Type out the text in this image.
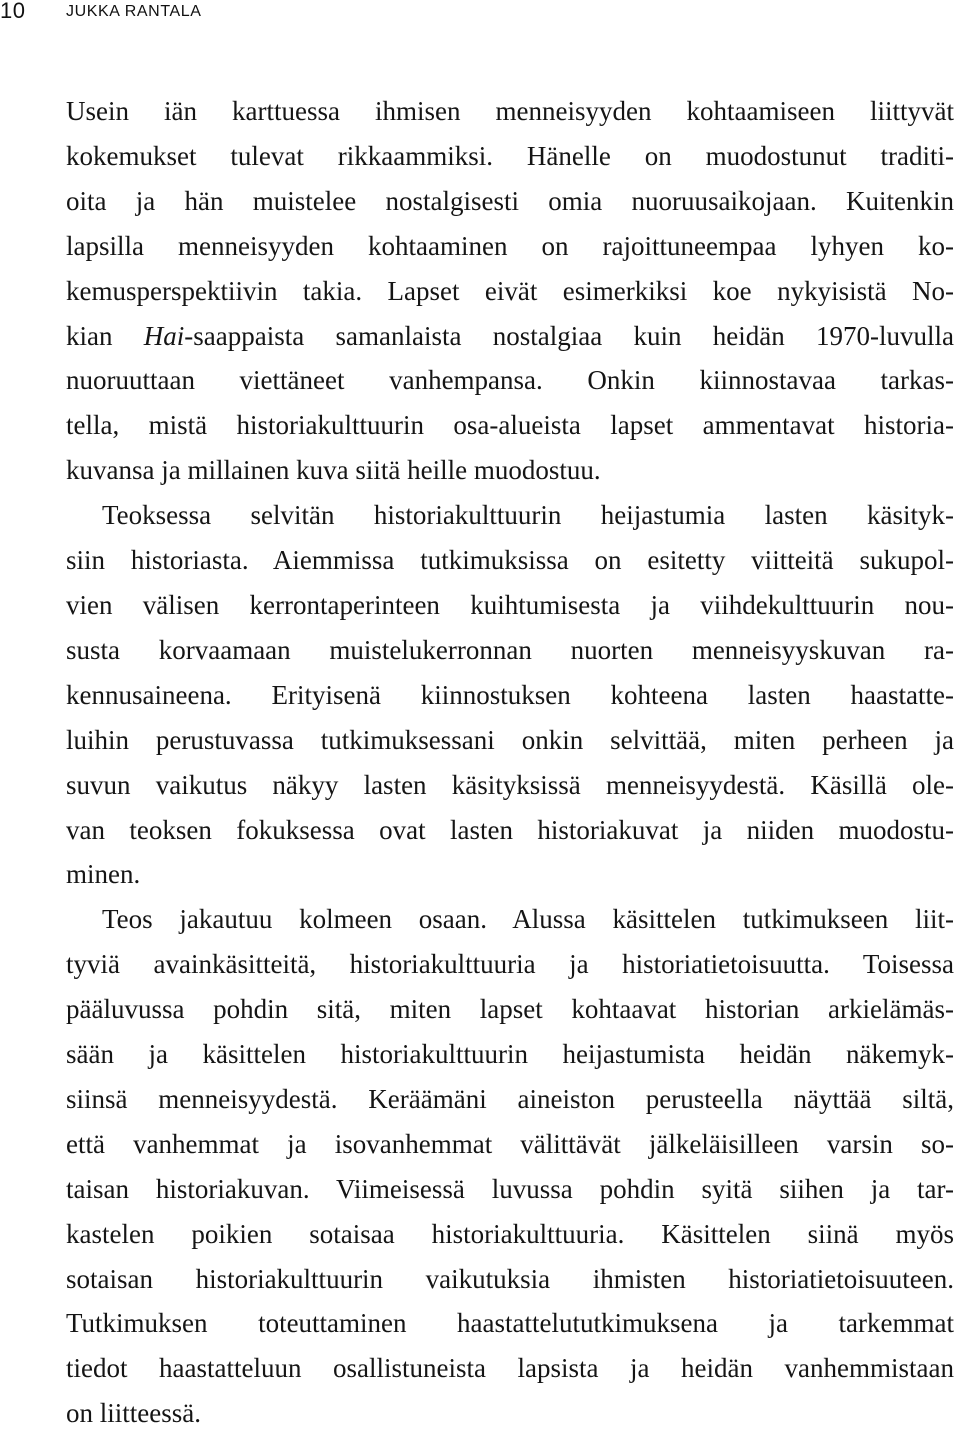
10	JUKKA RANTALA
Usein iän karttuessa ihmisen menneisyyden kohtaamiseen liittyvät
kokemukset tulevat rikkaammiksi. Hänelle on muodostunut traditi-
oita ja hän muistelee nostalgisesti omia nuoruusaikojaan. Kuitenkin
lapsilla menneisyyden kohtaaminen on rajoittuneempaa lyhyen ko-
kemusperspektiivin takia. Lapset eivät esimerkiksi koe nykyisistä No-
kian Hai-saappaista samanlaista nostalgiaa kuin heidän 1970-luvulla
nuoruuttaan viettäneet vanhempansa. Onkin kiinnostavaa tarkas-
tella, mistä historiakulttuurin osa-alueista lapset ammentavat historia-
kuvansa ja millainen kuva siitä heille muodostuu.
Teoksessa selvitän historiakulttuurin heijastumia lasten käsityk-
siin historiasta. Aiemmissa tutkimuksissa on esitetty viitteitä sukupol-
vien välisen kerrontaperinteen kuihtumisesta ja viihdekulttuurin nou-
susta korvaamaan muistelukerronnan nuorten menneisyyskuvan ra-
kennusaineena. Erityisenä kiinnostuksen kohteena lasten haastatte-
luihin perustuvassa tutkimuksessani onkin selvittää, miten perheen ja
suvun vaikutus näkyy lasten käsityksissä menneisyydestä. Käsillä ole-
van teoksen fokuksessa ovat lasten historiakuvat ja niiden muodostu-
minen.
Teos jakautuu kolmeen osaan. Alussa käsittelen tutkimukseen liit-
tyviä avainkäsitteitä, historiakulttuuria ja historiatietoisuutta. Toisessa
pääluvussa pohdin sitä, miten lapset kohtaavat historian arkielämäs-
sään ja käsittelen historiakulttuurin heijastumista heidän näkemyk-
siinsä menneisyydestä. Keräämäni aineiston perusteella näyttää siltä,
että vanhemmat ja isovanhemmat välittävät jälkeläisilleen varsin so-
taisan historiakuvan. Viimeisessä luvussa pohdin syitä siihen ja tar-
kastelen poikien sotaisaa historiakulttuuria. Käsittelen siinä myös
sotaisan historiakulttuurin vaikutuksia ihmisten historiatietoisuuteen.
Tutkimuksen toteuttaminen haastattelututkimuksena ja tarkemmat
tiedot haastatteluun osallistuneista lapsista ja heidän vanhemmistaan
on liitteessä.
